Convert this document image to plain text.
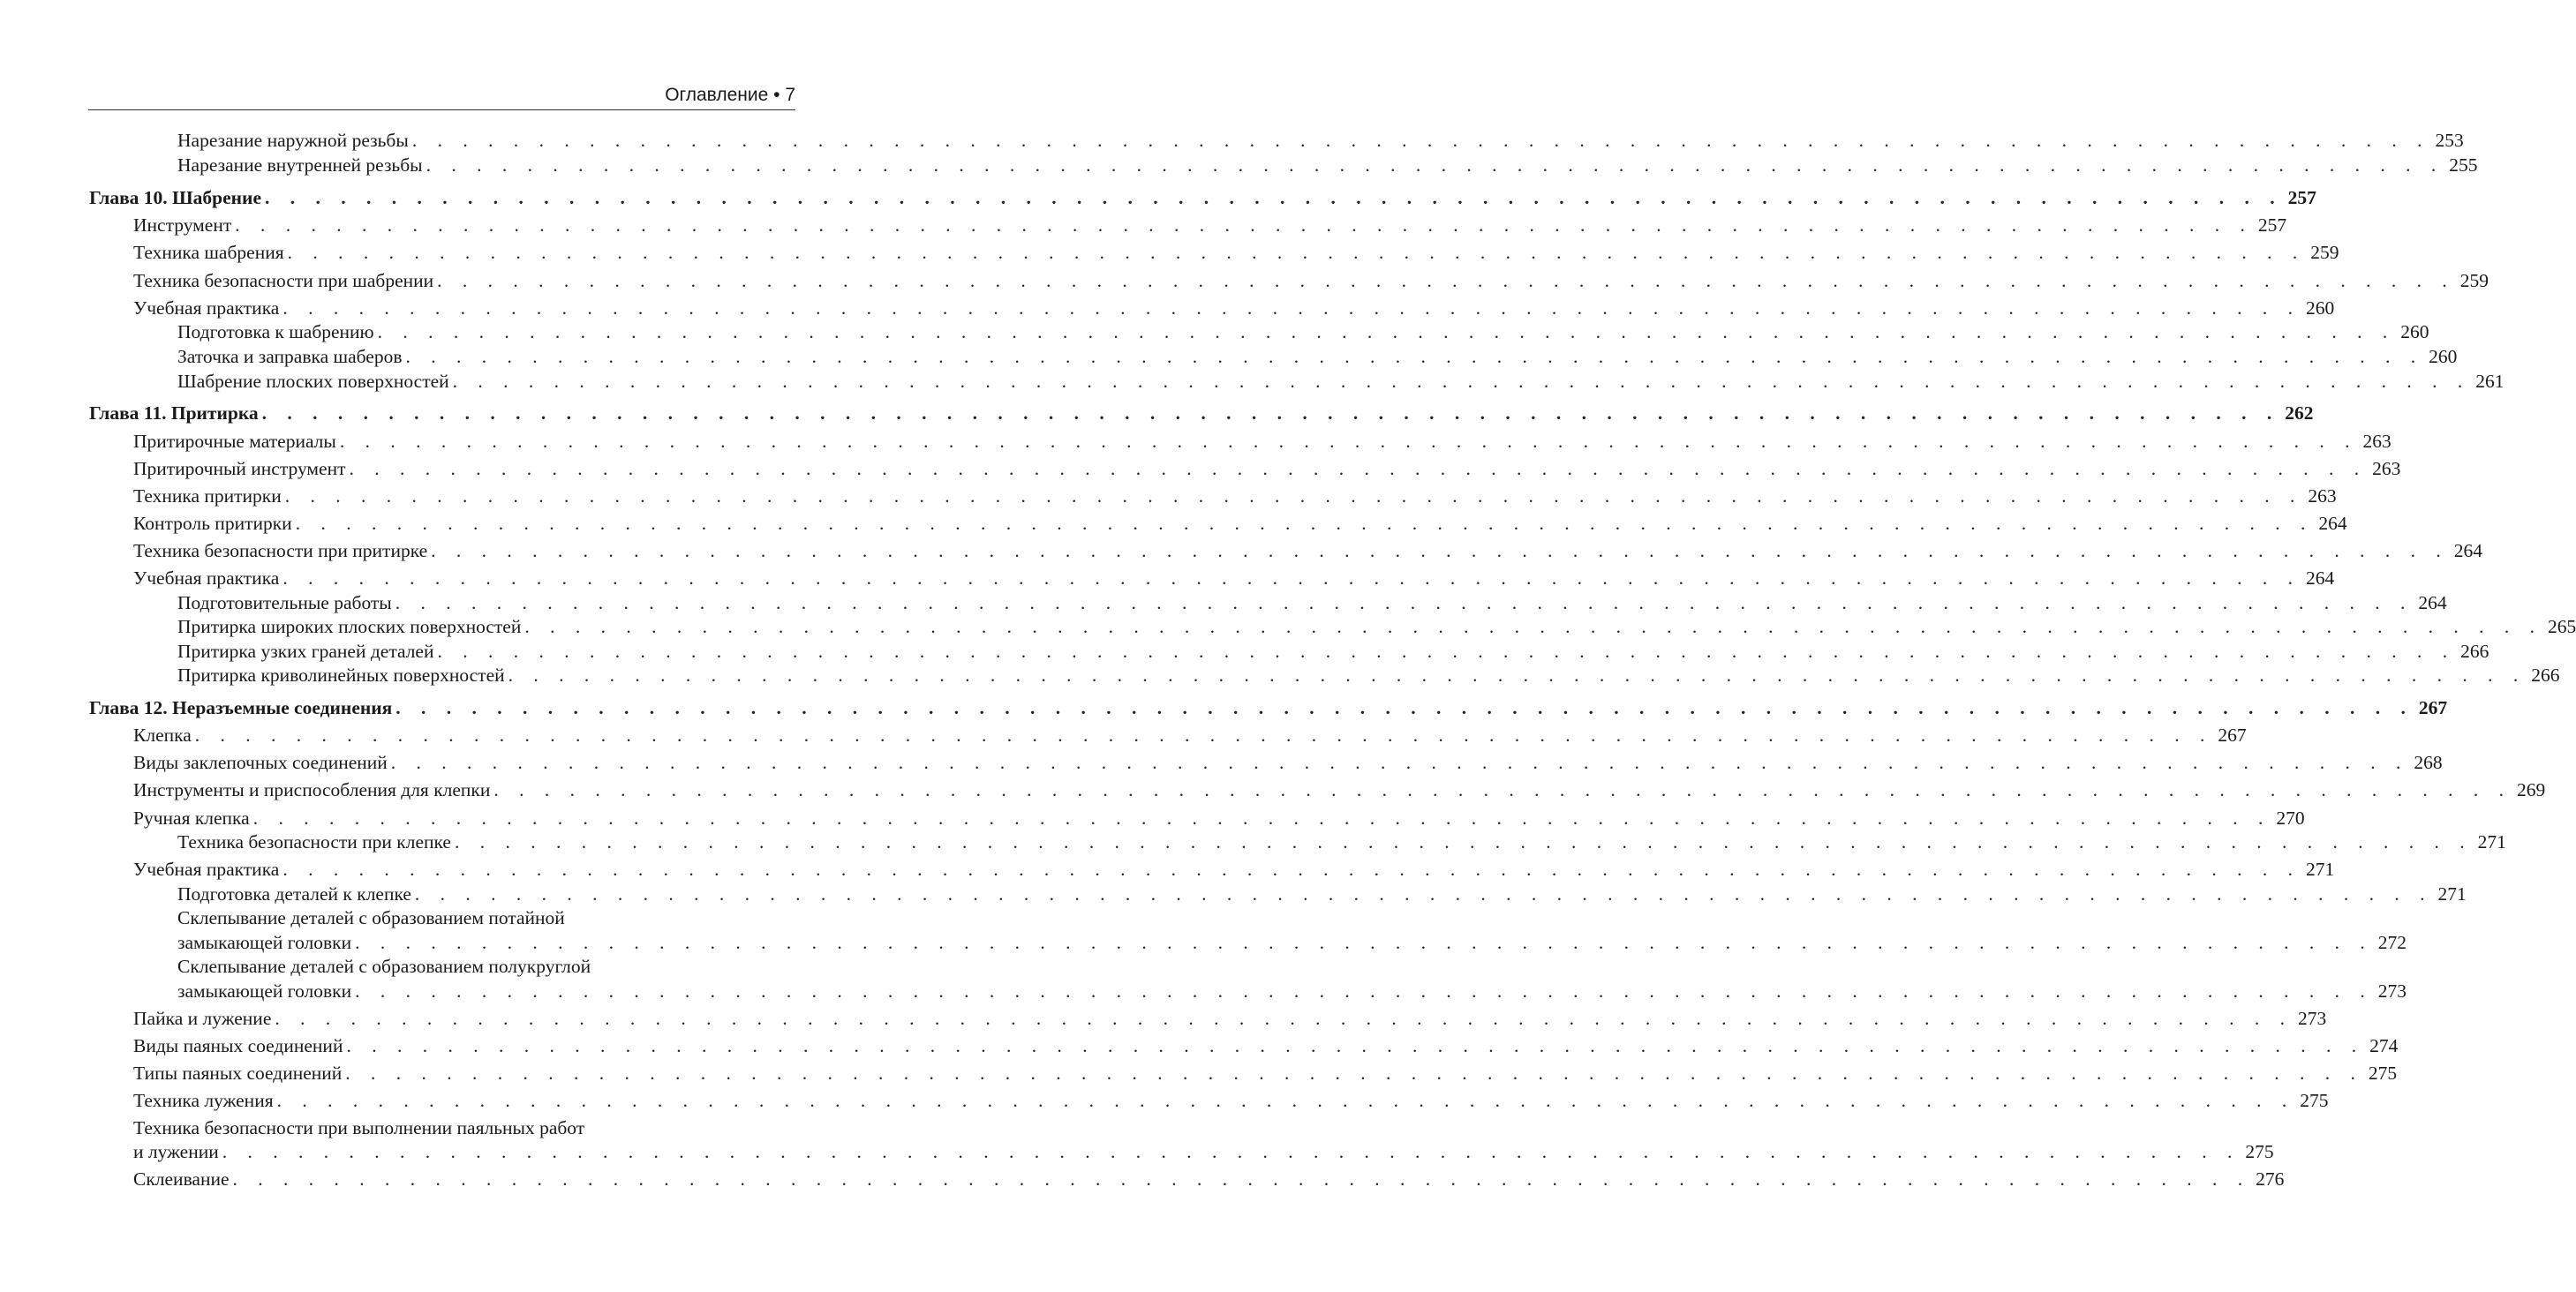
Оглавление • 7
Нарезание наружной резьбы . . . . . . . . . . . . . . . . . . . . . . . . . . . . . . . . . . . . . . . . . . . . . . . . . . . . . . . . . . . . . . . . . . . . . . . . . . . . . . . . 253
Нарезание внутренней резьбы . . . . . . . . . . . . . . . . . . . . . . . . . . . . . . . . . . . . . . . . . . . . . . . . . . . . . . . . . . . . . . . . . . . . . . . . . . . . . . . . 255
Глава 10. Шабрение . . . . . . . . . . . . . . . . . . . . . . . . . . . . . . . . . . . . . . . . . . . . . . . . . . . . . . . . . . . . . . . . . . . . . . . . . . . . . . . . 257
Инструмент . . . . . . . . . . . . . . . . . . . . . . . . . . . . . . . . . . . . . . . . . . . . . . . . . . . . . . . . . . . . . . . . . . . . . . . . . . . . . . . . 257
Техника шабрения . . . . . . . . . . . . . . . . . . . . . . . . . . . . . . . . . . . . . . . . . . . . . . . . . . . . . . . . . . . . . . . . . . . . . . . . . . . . . . . . 259
Техника безопасности при шабрении . . . . . . . . . . . . . . . . . . . . . . . . . . . . . . . . . . . . . . . . . . . . . . . . . . . . . . . . . . . . . . . . . . . . . . . . . . . . . . . . 259
Учебная практика . . . . . . . . . . . . . . . . . . . . . . . . . . . . . . . . . . . . . . . . . . . . . . . . . . . . . . . . . . . . . . . . . . . . . . . . . . . . . . . . 260
Подготовка к шабрению . . . . . . . . . . . . . . . . . . . . . . . . . . . . . . . . . . . . . . . . . . . . . . . . . . . . . . . . . . . . . . . . . . . . . . . . . . . . . . . . 260
Заточка и заправка шаберов . . . . . . . . . . . . . . . . . . . . . . . . . . . . . . . . . . . . . . . . . . . . . . . . . . . . . . . . . . . . . . . . . . . . . . . . . . . . . . . . 260
Шабрение плоских поверхностей . . . . . . . . . . . . . . . . . . . . . . . . . . . . . . . . . . . . . . . . . . . . . . . . . . . . . . . . . . . . . . . . . . . . . . . . . . . . . . . . 261
Глава 11. Притирка . . . . . . . . . . . . . . . . . . . . . . . . . . . . . . . . . . . . . . . . . . . . . . . . . . . . . . . . . . . . . . . . . . . . . . . . . . . . . . . . 262
Притирочные материалы . . . . . . . . . . . . . . . . . . . . . . . . . . . . . . . . . . . . . . . . . . . . . . . . . . . . . . . . . . . . . . . . . . . . . . . . . . . . . . . . 263
Притирочный инструмент . . . . . . . . . . . . . . . . . . . . . . . . . . . . . . . . . . . . . . . . . . . . . . . . . . . . . . . . . . . . . . . . . . . . . . . . . . . . . . . . 263
Техника притирки . . . . . . . . . . . . . . . . . . . . . . . . . . . . . . . . . . . . . . . . . . . . . . . . . . . . . . . . . . . . . . . . . . . . . . . . . . . . . . . . 263
Контроль притирки . . . . . . . . . . . . . . . . . . . . . . . . . . . . . . . . . . . . . . . . . . . . . . . . . . . . . . . . . . . . . . . . . . . . . . . . . . . . . . . . 264
Техника безопасности при притирке . . . . . . . . . . . . . . . . . . . . . . . . . . . . . . . . . . . . . . . . . . . . . . . . . . . . . . . . . . . . . . . . . . . . . . . . . . . . . . . . 264
Учебная практика . . . . . . . . . . . . . . . . . . . . . . . . . . . . . . . . . . . . . . . . . . . . . . . . . . . . . . . . . . . . . . . . . . . . . . . . . . . . . . . . 264
Подготовительные работы . . . . . . . . . . . . . . . . . . . . . . . . . . . . . . . . . . . . . . . . . . . . . . . . . . . . . . . . . . . . . . . . . . . . . . . . . . . . . . . . 264
Притирка широких плоских поверхностей . . . . . . . . . . . . . . . . . . . . . . . . . . . . . . . . . . . . . . . . . . . . . . . . . . . . . . . . . . . . . . . . . . . . . . . . . . . . . . . . 265
Притирка узких граней деталей . . . . . . . . . . . . . . . . . . . . . . . . . . . . . . . . . . . . . . . . . . . . . . . . . . . . . . . . . . . . . . . . . . . . . . . . . . . . . . . . 266
Притирка криволинейных поверхностей . . . . . . . . . . . . . . . . . . . . . . . . . . . . . . . . . . . . . . . . . . . . . . . . . . . . . . . . . . . . . . . . . . . . . . . . . . . . . . . . 266
Глава 12. Неразъемные соединения . . . . . . . . . . . . . . . . . . . . . . . . . . . . . . . . . . . . . . . . . . . . . . . . . . . . . . . . . . . . . . . . . . . . . . . . . . . . . . . . 267
Клепка . . . . . . . . . . . . . . . . . . . . . . . . . . . . . . . . . . . . . . . . . . . . . . . . . . . . . . . . . . . . . . . . . . . . . . . . . . . . . . . . 267
Виды заклепочных соединений . . . . . . . . . . . . . . . . . . . . . . . . . . . . . . . . . . . . . . . . . . . . . . . . . . . . . . . . . . . . . . . . . . . . . . . . . . . . . . . . 268
Инструменты и приспособления для клепки . . . . . . . . . . . . . . . . . . . . . . . . . . . . . . . . . . . . . . . . . . . . . . . . . . . . . . . . . . . . . . . . . . . . . . . . . . . . . . . . 269
Ручная клепка . . . . . . . . . . . . . . . . . . . . . . . . . . . . . . . . . . . . . . . . . . . . . . . . . . . . . . . . . . . . . . . . . . . . . . . . . . . . . . . . 270
Техника безопасности при клепке . . . . . . . . . . . . . . . . . . . . . . . . . . . . . . . . . . . . . . . . . . . . . . . . . . . . . . . . . . . . . . . . . . . . . . . . . . . . . . . . 271
Учебная практика . . . . . . . . . . . . . . . . . . . . . . . . . . . . . . . . . . . . . . . . . . . . . . . . . . . . . . . . . . . . . . . . . . . . . . . . . . . . . . . . 271
Подготовка деталей к клепке . . . . . . . . . . . . . . . . . . . . . . . . . . . . . . . . . . . . . . . . . . . . . . . . . . . . . . . . . . . . . . . . . . . . . . . . . . . . . . . . 271
Склепывание деталей с образованием потайной
замыкающей головки . . . . . . . . . . . . . . . . . . . . . . . . . . . . . . . . . . . . . . . . . . . . . . . . . . . . . . . . . . . . . . . . . . . . . . . . . . . . . . . . 272
Склепывание деталей с образованием полукруглой
замыкающей головки . . . . . . . . . . . . . . . . . . . . . . . . . . . . . . . . . . . . . . . . . . . . . . . . . . . . . . . . . . . . . . . . . . . . . . . . . . . . . . . . 273
Пайка и лужение . . . . . . . . . . . . . . . . . . . . . . . . . . . . . . . . . . . . . . . . . . . . . . . . . . . . . . . . . . . . . . . . . . . . . . . . . . . . . . . . 273
Виды паяных соединений . . . . . . . . . . . . . . . . . . . . . . . . . . . . . . . . . . . . . . . . . . . . . . . . . . . . . . . . . . . . . . . . . . . . . . . . . . . . . . . . 274
Типы паяных соединений . . . . . . . . . . . . . . . . . . . . . . . . . . . . . . . . . . . . . . . . . . . . . . . . . . . . . . . . . . . . . . . . . . . . . . . . . . . . . . . . 275
Техника лужения . . . . . . . . . . . . . . . . . . . . . . . . . . . . . . . . . . . . . . . . . . . . . . . . . . . . . . . . . . . . . . . . . . . . . . . . . . . . . . . . 275
Техника безопасности при выполнении паяльных работ
и лужении . . . . . . . . . . . . . . . . . . . . . . . . . . . . . . . . . . . . . . . . . . . . . . . . . . . . . . . . . . . . . . . . . . . . . . . . . . . . . . . . 275
Склеивание . . . . . . . . . . . . . . . . . . . . . . . . . . . . . . . . . . . . . . . . . . . . . . . . . . . . . . . . . . . . . . . . . . . . . . . . . . . . . . . . 276
